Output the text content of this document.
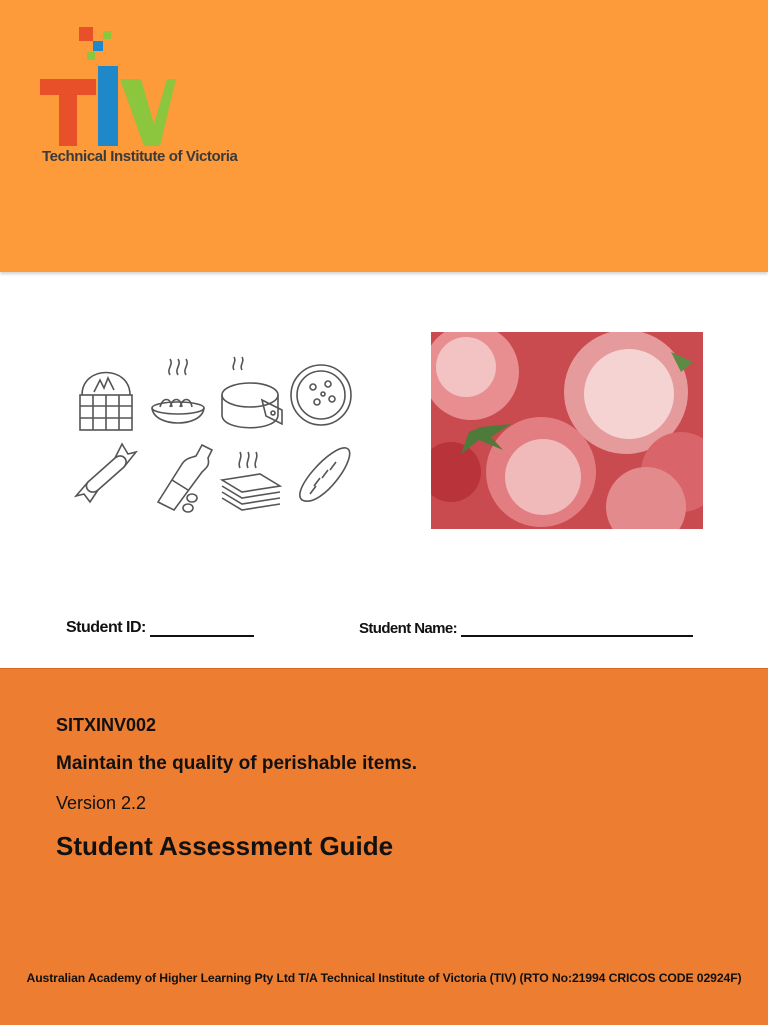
Technical Institute of Victoria
Student ID:	Student Name:
SITXINV002
Maintain the quality of perishable items.
Version 2.2
Student Assessment Guide
Australian Academy of Higher Learning Pty Ltd T/A Technical Institute of Victoria (TIV) (RTO No:21994 CRICOS CODE 02924F)
